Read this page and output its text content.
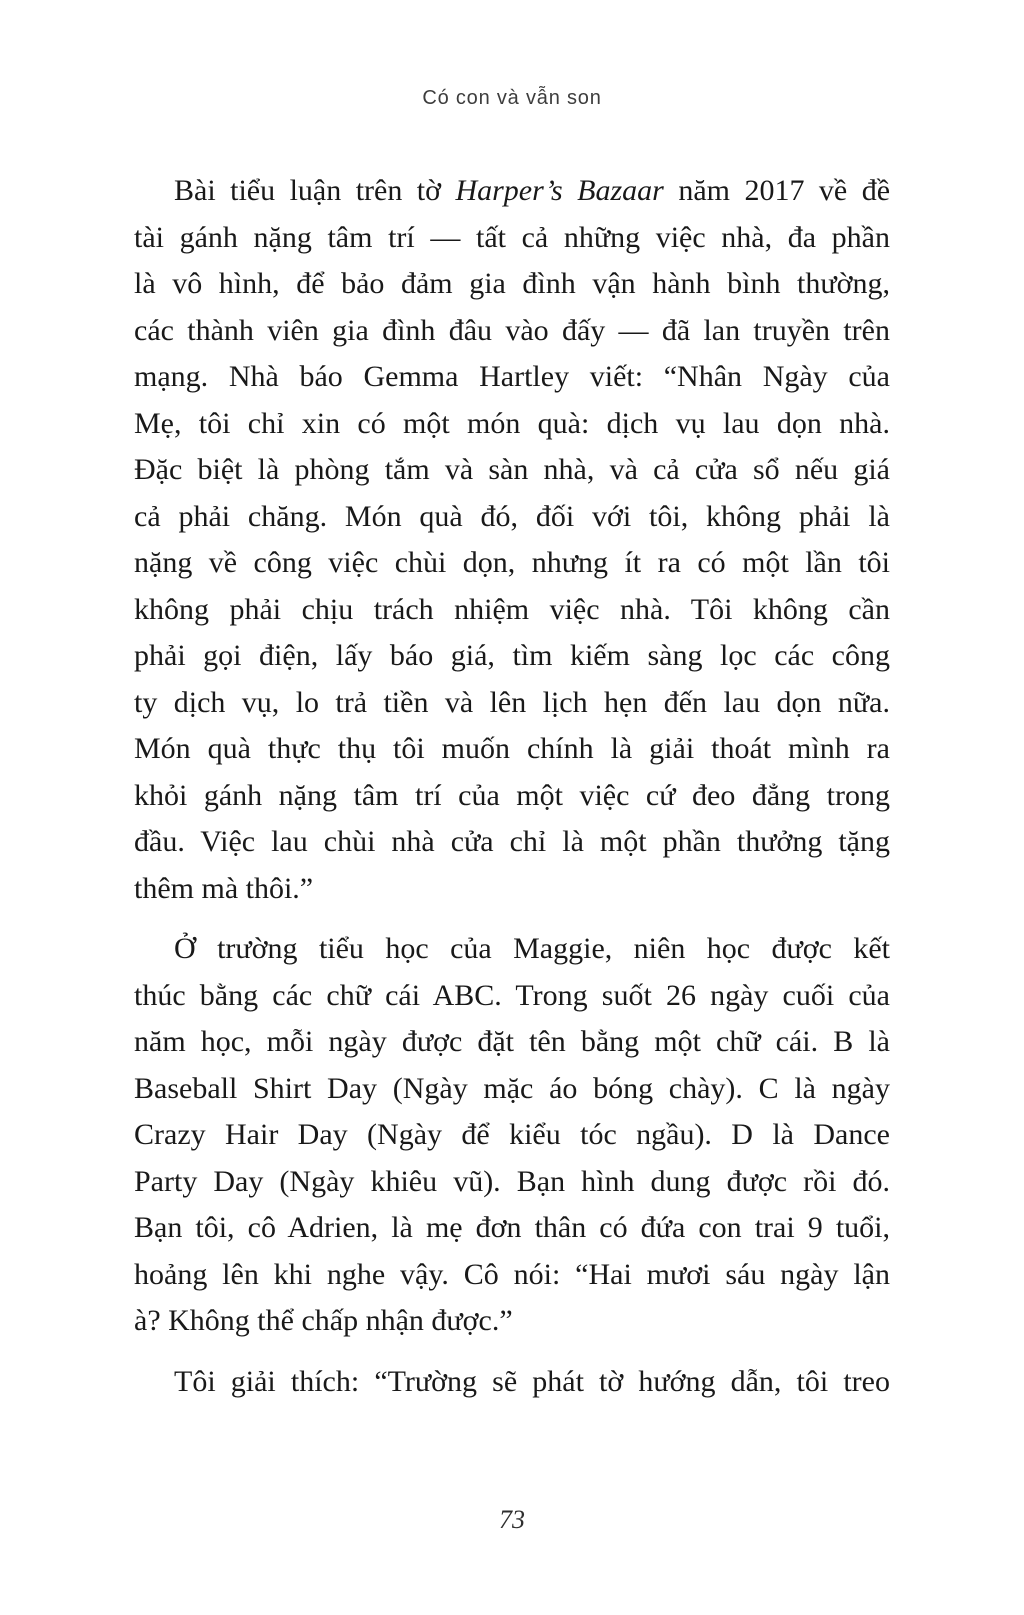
Có con và vẫn son

Bài tiểu luận trên tờ Harper’s Bazaar năm 2017 về đề
tài gánh nặng tâm trí — tất cả những việc nhà, đa phần
là vô hình, để bảo đảm gia đình vận hành bình thường,
các thành viên gia đình đâu vào đấy — đã lan truyền trên
mạng. Nhà báo Gemma Hartley viết: “Nhân Ngày của
Mẹ, tôi chỉ xin có một món quà: dịch vụ lau dọn nhà.
Đặc biệt là phòng tắm và sàn nhà, và cả cửa sổ nếu giá
cả phải chăng. Món quà đó, đối với tôi, không phải là
nặng về công việc chùi dọn, nhưng ít ra có một lần tôi
không phải chịu trách nhiệm việc nhà. Tôi không cần
phải gọi điện, lấy báo giá, tìm kiếm sàng lọc các công
ty dịch vụ, lo trả tiền và lên lịch hẹn đến lau dọn nữa.
Món quà thực thụ tôi muốn chính là giải thoát mình ra
khỏi gánh nặng tâm trí của một việc cứ đeo đẳng trong
đầu. Việc lau chùi nhà cửa chỉ là một phần thưởng tặng
thêm mà thôi.”

Ở trường tiểu học của Maggie, niên học được kết
thúc bằng các chữ cái ABC. Trong suốt 26 ngày cuối của
năm học, mỗi ngày được đặt tên bằng một chữ cái. B là
Baseball Shirt Day (Ngày mặc áo bóng chày). C là ngày
Crazy Hair Day (Ngày để kiểu tóc ngầu). D là Dance
Party Day (Ngày khiêu vũ). Bạn hình dung được rồi đó.
Bạn tôi, cô Adrien, là mẹ đơn thân có đứa con trai 9 tuổi,
hoảng lên khi nghe vậy. Cô nói: “Hai mươi sáu ngày lận
à? Không thể chấp nhận được.”

Tôi giải thích: “Trường sẽ phát tờ hướng dẫn, tôi treo

73
